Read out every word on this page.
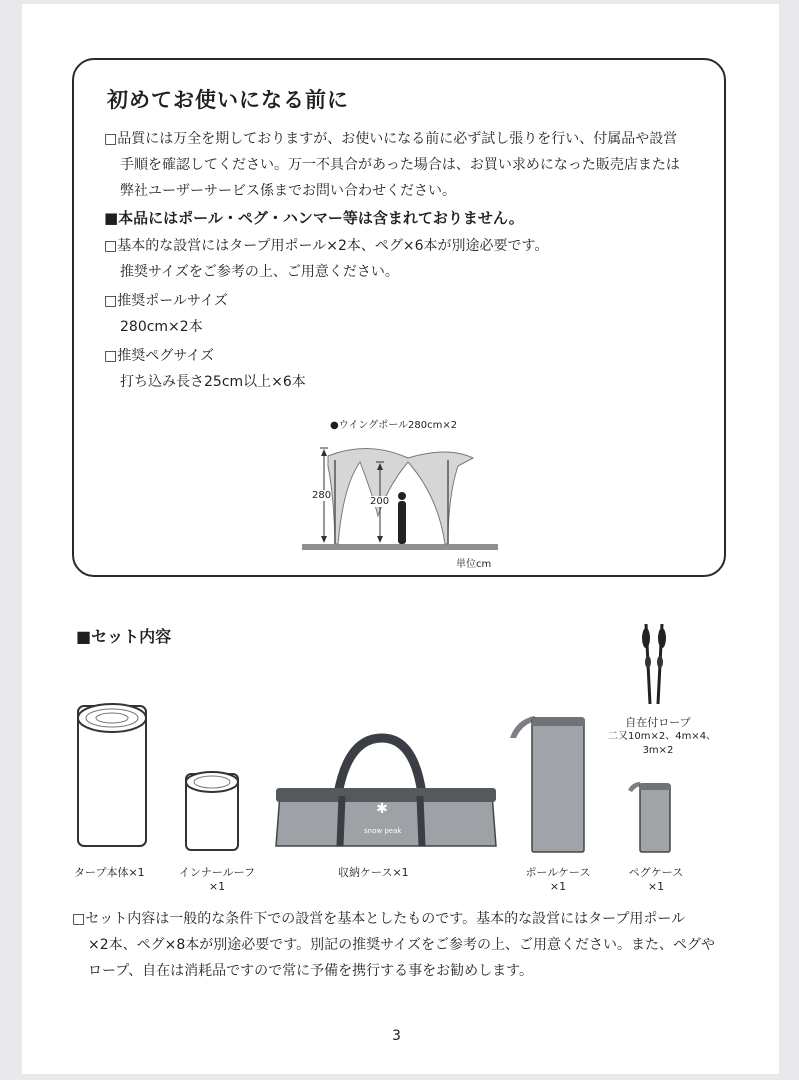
初めてお使いになる前に
□品質には万全を期しておりますが、お使いになる前に必ず試し張りを行い、付属品や設営
手順を確認してください。万一不具合があった場合は、お買い求めになった販売店または
弊社ユーザーサービス係までお問い合わせください。
■本品にはポール・ペグ・ハンマー等は含まれておりません。
□基本的な設営にはタープ用ポール×2本、ペグ×6本が別途必要です。
推奨サイズをご参考の上、ご用意ください。
□推奨ポールサイズ
280cm×2本
□推奨ペグサイズ
打ち込み長さ25cm以上×6本
●ウイングポール280cm×2
280
200
単位cm
■セット内容
タープ本体×1	インナールーフ
×1
✱
snow peak
収納ケース×1	ポールケース
×1
ペグケース
×1
自在付ロープ
二又10m×2、4m×4、
3m×2
□セット内容は一般的な条件下での設営を基本としたものです。基本的な設営にはタープ用ポール
×2本、ペグ×8本が別途必要です。別記の推奨サイズをご参考の上、ご用意ください。また、ペグや
ロープ、自在は消耗品ですので常に予備を携行する事をお勧めします。
3
